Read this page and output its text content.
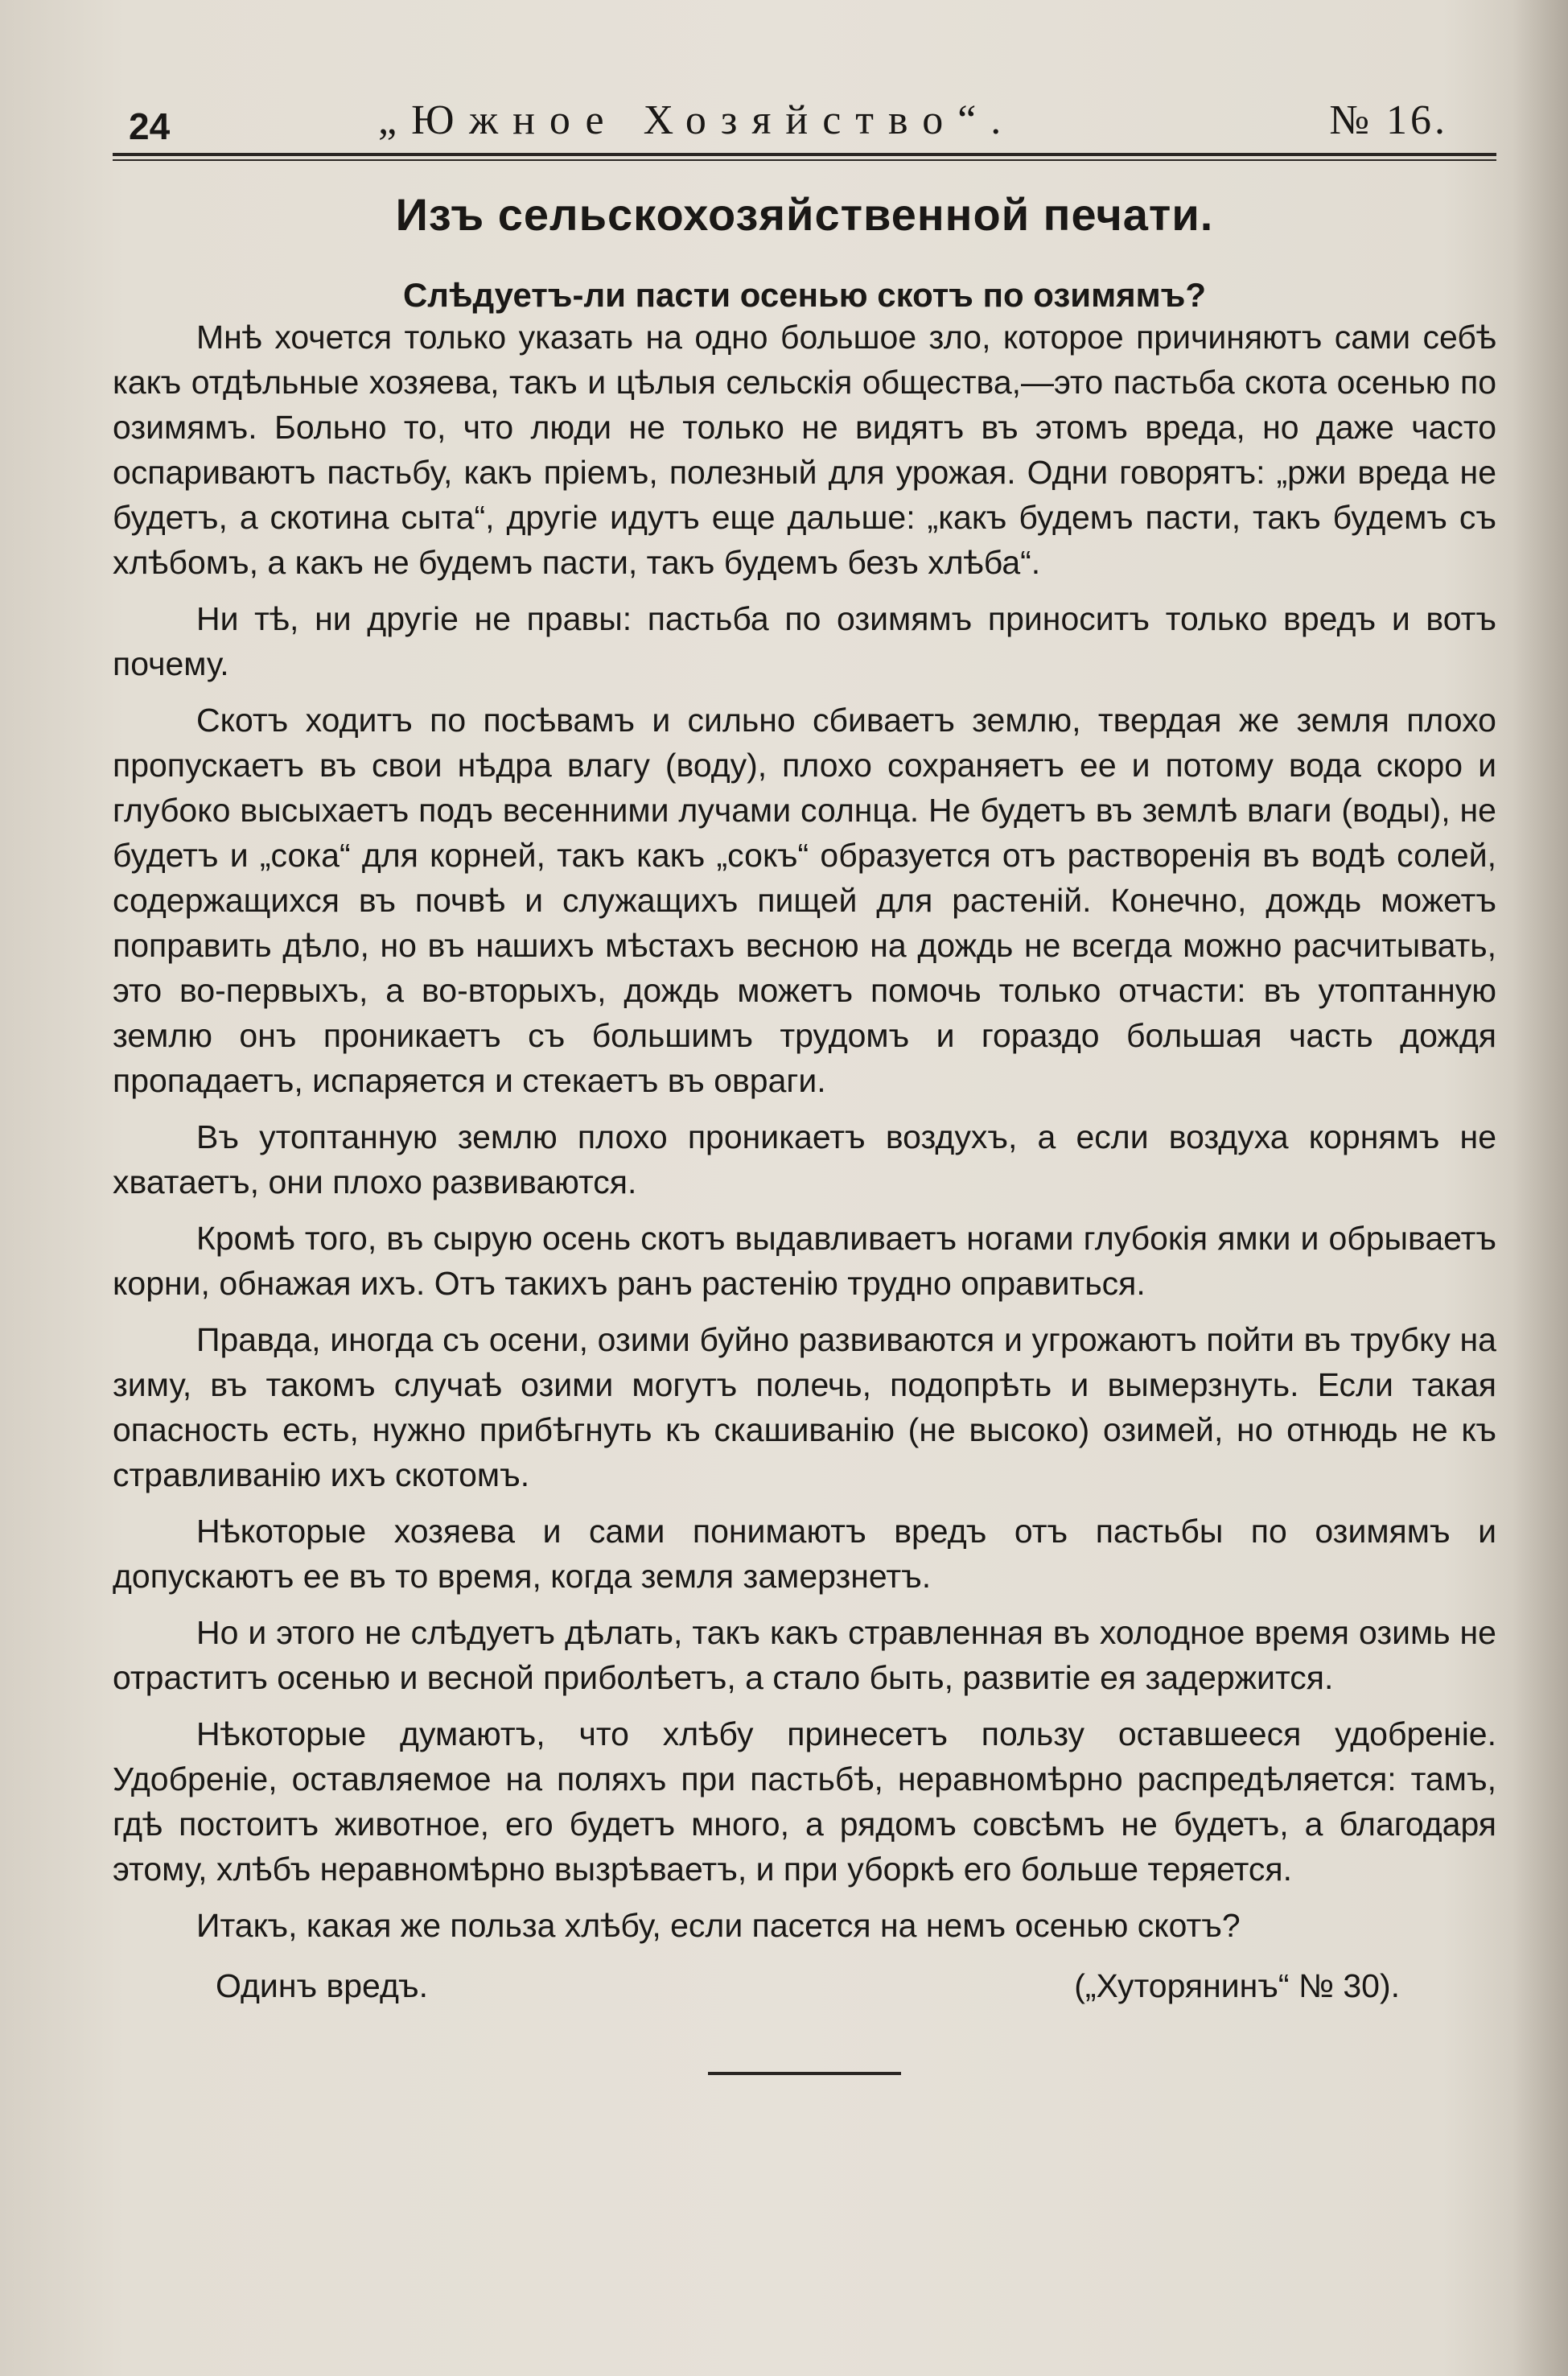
24	„Южное Хозяйство“.	№ 16.
Изъ сельскохозяйственной печати.
Слѣдуетъ-ли пасти осенью скотъ по озимямъ?

Мнѣ хочется только указать на одно большое зло, которое причиняютъ сами себѣ какъ отдѣльные хозяева, такъ и цѣлыя сельскія общества,—это пастьба скота осенью по озимямъ. Больно то, что люди не только не видятъ въ этомъ вреда, но даже часто оспариваютъ пастьбу, какъ пріемъ, полезный для урожая. Одни говорятъ: „ржи вреда не будетъ, а скотина сыта“, другіе идутъ еще дальше: „какъ будемъ пасти, такъ будемъ съ хлѣбомъ, а какъ не будемъ пасти, такъ будемъ безъ хлѣба“.

Ни тѣ, ни другіе не правы: пастьба по озимямъ приноситъ только вредъ и вотъ почему.

Скотъ ходитъ по посѣвамъ и сильно сбиваетъ землю, твердая же земля плохо пропускаетъ въ свои нѣдра влагу (воду), плохо сохраняетъ ее и потому вода скоро и глубоко высыхаетъ подъ весенними лучами солнца. Не будетъ въ землѣ влаги (воды), не будетъ и „сока“ для корней, такъ какъ „сокъ“ образуется отъ растворенія въ водѣ солей, содержащихся въ почвѣ и служащихъ пищей для растеній. Конечно, дождь можетъ поправить дѣло, но въ нашихъ мѣстахъ весною на дождь не всегда можно расчитывать, это во-первыхъ, а во-вторыхъ, дождь можетъ помочь только отчасти: въ утоптанную землю онъ проникаетъ съ большимъ трудомъ и гораздо большая часть дождя пропадаетъ, испаряется и стекаетъ въ овраги.

Въ утоптанную землю плохо проникаетъ воздухъ, а если воздуха корнямъ не хватаетъ, они плохо развиваются.

Кромѣ того, въ сырую осень скотъ выдавливаетъ ногами глубокія ямки и обрываетъ корни, обнажая ихъ. Отъ такихъ ранъ растенію трудно оправиться.

Правда, иногда съ осени, озими буйно развиваются и угрожаютъ пойти въ трубку на зиму, въ такомъ случаѣ озими могутъ полечь, подопрѣть и вымерзнуть. Если такая опасность есть, нужно прибѣгнуть къ скашиванію (не высоко) озимей, но отнюдь не къ стравливанію ихъ скотомъ.

Нѣкоторые хозяева и сами понимаютъ вредъ отъ пастьбы по озимямъ и допускаютъ ее въ то время, когда земля замерзнетъ.

Но и этого не слѣдуетъ дѣлать, такъ какъ стравленная въ холодное время озимь не отраститъ осенью и весной приболѣетъ, а стало быть, развитіе ея задержится.

Нѣкоторые думаютъ, что хлѣбу принесетъ пользу оставшееся удобреніе. Удобреніе, оставляемое на поляхъ при пастьбѣ, неравномѣрно распредѣляется: тамъ, гдѣ постоитъ животное, его будетъ много, а рядомъ совсѣмъ не будетъ, а благодаря этому, хлѣбъ неравномѣрно вызрѣваетъ, и при уборкѣ его больше теряется.

Итакъ, какая же польза хлѣбу, если пасется на немъ осенью скотъ?

Одинъ вредъ.	(„Хуторянинъ“ № 30).
